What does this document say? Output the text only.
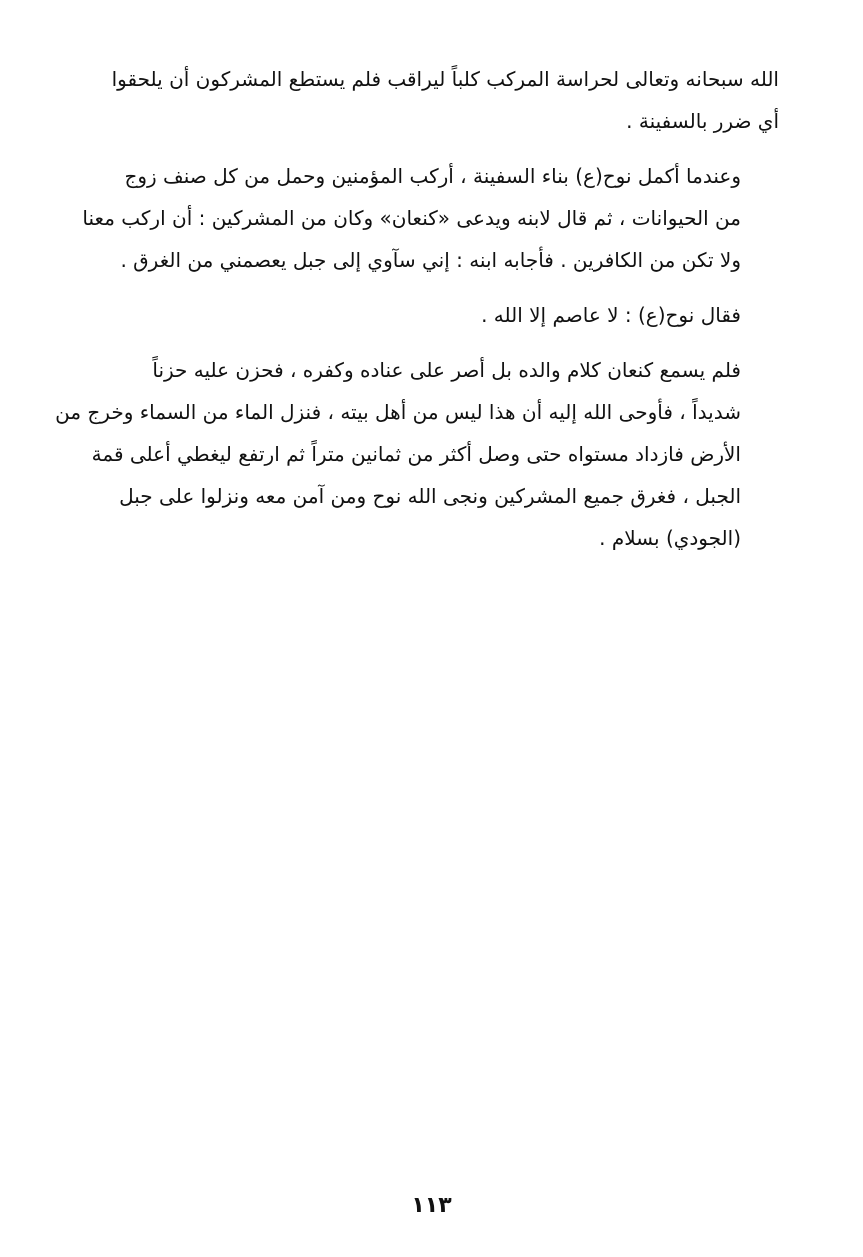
الله سبحانه وتعالى لحراسة المركب كلباً ليراقب فلم يستطع المشركون أن يلحقوا
أي ضرر بالسفينة .

وعندما أكمل نوح(ع) بناء السفينة ، أركب المؤمنين وحمل من كل صنف زوج
من الحيوانات ، ثم قال لابنه ويدعى «كنعان» وكان من المشركين : أن اركب معنا
ولا تكن من الكافرين . فأجابه ابنه : إني سآوي إلى جبل يعصمني من الغرق .

فقال نوح(ع) : لا عاصم إلا الله .

فلم يسمع كنعان كلام والده بل أصر على عناده وكفره ، فحزن عليه حزناً
شديداً ، فأوحى الله إليه أن هذا ليس من أهل بيته ، فنزل الماء من السماء وخرج من
الأرض فازداد مستواه حتى وصل أكثر من ثمانين متراً ثم ارتفع ليغطي أعلى قمة
الجبل ، فغرق جميع المشركين ونجى الله نوح ومن آمن معه ونزلوا على جبل
(الجودي) بسلام .

١١٣
